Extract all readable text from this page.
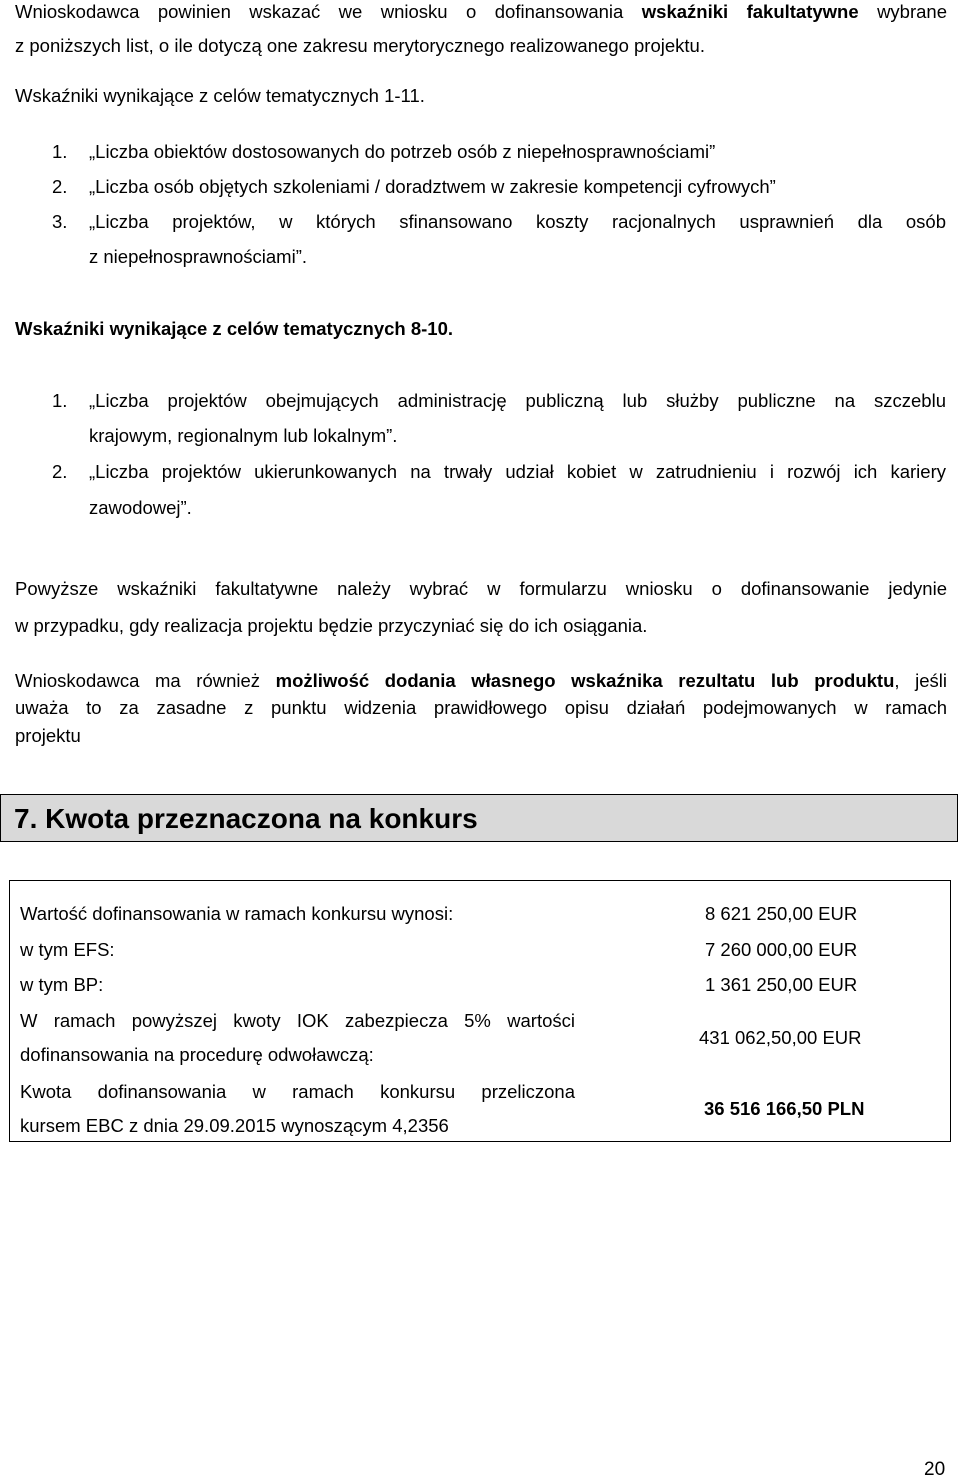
Wnioskodawca powinien wskazać we wniosku o dofinansowania wskaźniki fakultatywne wybrane
z poniższych list, o ile dotyczą one zakresu merytorycznego realizowanego projektu.
Wskaźniki wynikające z celów tematycznych 1-11.
1. „Liczba obiektów dostosowanych do potrzeb osób z niepełnosprawnościami”
2. „Liczba osób objętych szkoleniami / doradztwem w zakresie kompetencji cyfrowych”
3. „Liczba projektów, w których sfinansowano koszty racjonalnych usprawnień dla osób
z niepełnosprawnościami”.
Wskaźniki wynikające z celów tematycznych 8-10.
1. „Liczba projektów obejmujących administrację publiczną lub służby publiczne na szczeblu
krajowym, regionalnym lub lokalnym”.
2. „Liczba projektów ukierunkowanych na trwały udział kobiet w zatrudnieniu i rozwój ich kariery
zawodowej”.
Powyższe wskaźniki fakultatywne należy wybrać w formularzu wniosku o dofinansowanie jedynie
w przypadku, gdy realizacja projektu będzie przyczyniać się do ich osiągania.
Wnioskodawca ma również możliwość dodania własnego wskaźnika rezultatu lub produktu, jeśli
uważa to za zasadne z punktu widzenia prawidłowego opisu działań podejmowanych w ramach
projektu
7. Kwota przeznaczona na konkurs
Wartość dofinansowania w ramach konkursu wynosi:	8 621 250,00 EUR
w tym EFS:	7 260 000,00 EUR
w tym BP:	1 361 250,00 EUR
W ramach powyższej kwoty IOK zabezpiecza 5% wartości
dofinansowania na procedurę odwoławczą:
431 062,50,00 EUR
Kwota dofinansowania w ramach konkursu przeliczona
kursem EBC z dnia 29.09.2015 wynoszącym 4,2356
36 516 166,50 PLN
20
